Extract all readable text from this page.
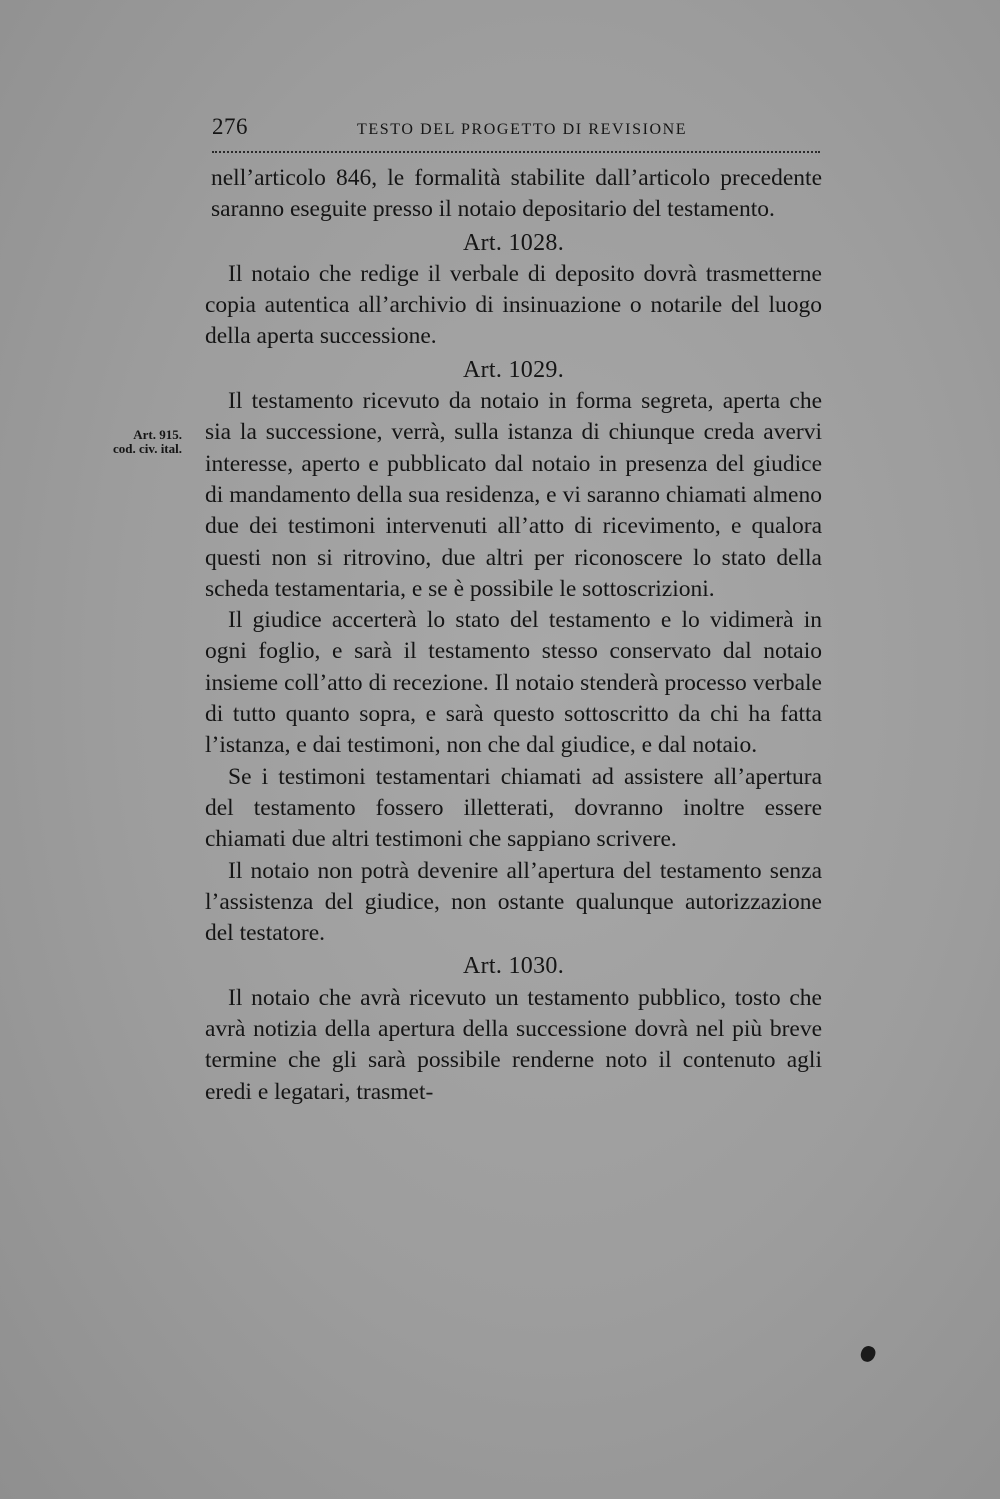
276	TESTO DEL PROGETTO DI REVISIONE
Art. 915.
cod. civ. ital.

nell’articolo 846, le formalità stabilite dall’articolo precedente saranno eseguite presso il notaio depositario del testamento.

Art. 1028.

Il notaio che redige il verbale di deposito dovrà trasmetterne copia autentica all’archivio di insinuazione o notarile del luogo della aperta successione.

Art. 1029.

Il testamento ricevuto da notaio in forma segreta, aperta che sia la successione, verrà, sulla istanza di chiunque creda avervi interesse, aperto e pubblicato dal notaio in presenza del giudice di mandamento della sua residenza, e vi saranno chiamati almeno due dei testimoni intervenuti all’atto di ricevimento, e qualora questi non si ritrovino, due altri per riconoscere lo stato della scheda testamentaria, e se è possibile le sottoscrizioni.

Il giudice accerterà lo stato del testamento e lo vidimerà in ogni foglio, e sarà il testamento stesso conservato dal notaio insieme coll’atto di recezione. Il notaio stenderà processo verbale di tutto quanto sopra, e sarà questo sottoscritto da chi ha fatta l’istanza, e dai testimoni, non che dal giudice, e dal notaio.

Se i testimoni testamentari chiamati ad assistere all’apertura del testamento fossero illetterati, dovranno inoltre essere chiamati due altri testimoni che sappiano scrivere.

Il notaio non potrà devenire all’apertura del testamento senza l’assistenza del giudice, non ostante qualunque autorizzazione del testatore.

Art. 1030.

Il notaio che avrà ricevuto un testamento pubblico, tosto che avrà notizia della apertura della successione dovrà nel più breve termine che gli sarà possibile renderne noto il contenuto agli eredi e legatari, trasmet-
